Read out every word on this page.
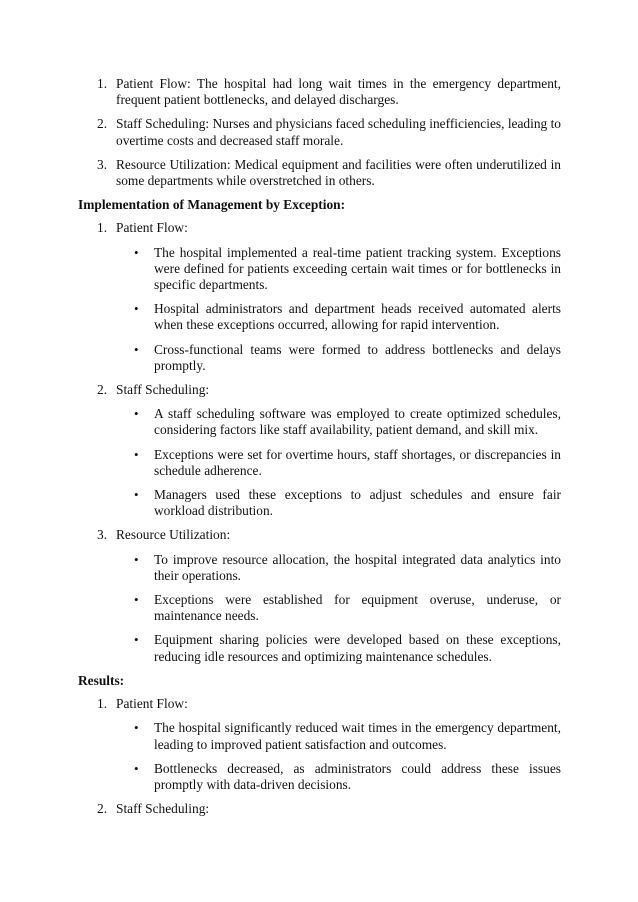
1. Patient Flow: The hospital had long wait times in the emergency department, frequent patient bottlenecks, and delayed discharges.
2. Staff Scheduling: Nurses and physicians faced scheduling inefficiencies, leading to overtime costs and decreased staff morale.
3. Resource Utilization: Medical equipment and facilities were often underutilized in some departments while overstretched in others.
Implementation of Management by Exception:
1. Patient Flow:
• The hospital implemented a real-time patient tracking system. Exceptions were defined for patients exceeding certain wait times or for bottlenecks in specific departments.
• Hospital administrators and department heads received automated alerts when these exceptions occurred, allowing for rapid intervention.
• Cross-functional teams were formed to address bottlenecks and delays promptly.
2. Staff Scheduling:
• A staff scheduling software was employed to create optimized schedules, considering factors like staff availability, patient demand, and skill mix.
• Exceptions were set for overtime hours, staff shortages, or discrepancies in schedule adherence.
• Managers used these exceptions to adjust schedules and ensure fair workload distribution.
3. Resource Utilization:
• To improve resource allocation, the hospital integrated data analytics into their operations.
• Exceptions were established for equipment overuse, underuse, or maintenance needs.
• Equipment sharing policies were developed based on these exceptions, reducing idle resources and optimizing maintenance schedules.
Results:
1. Patient Flow:
• The hospital significantly reduced wait times in the emergency department, leading to improved patient satisfaction and outcomes.
• Bottlenecks decreased, as administrators could address these issues promptly with data-driven decisions.
2. Staff Scheduling:
